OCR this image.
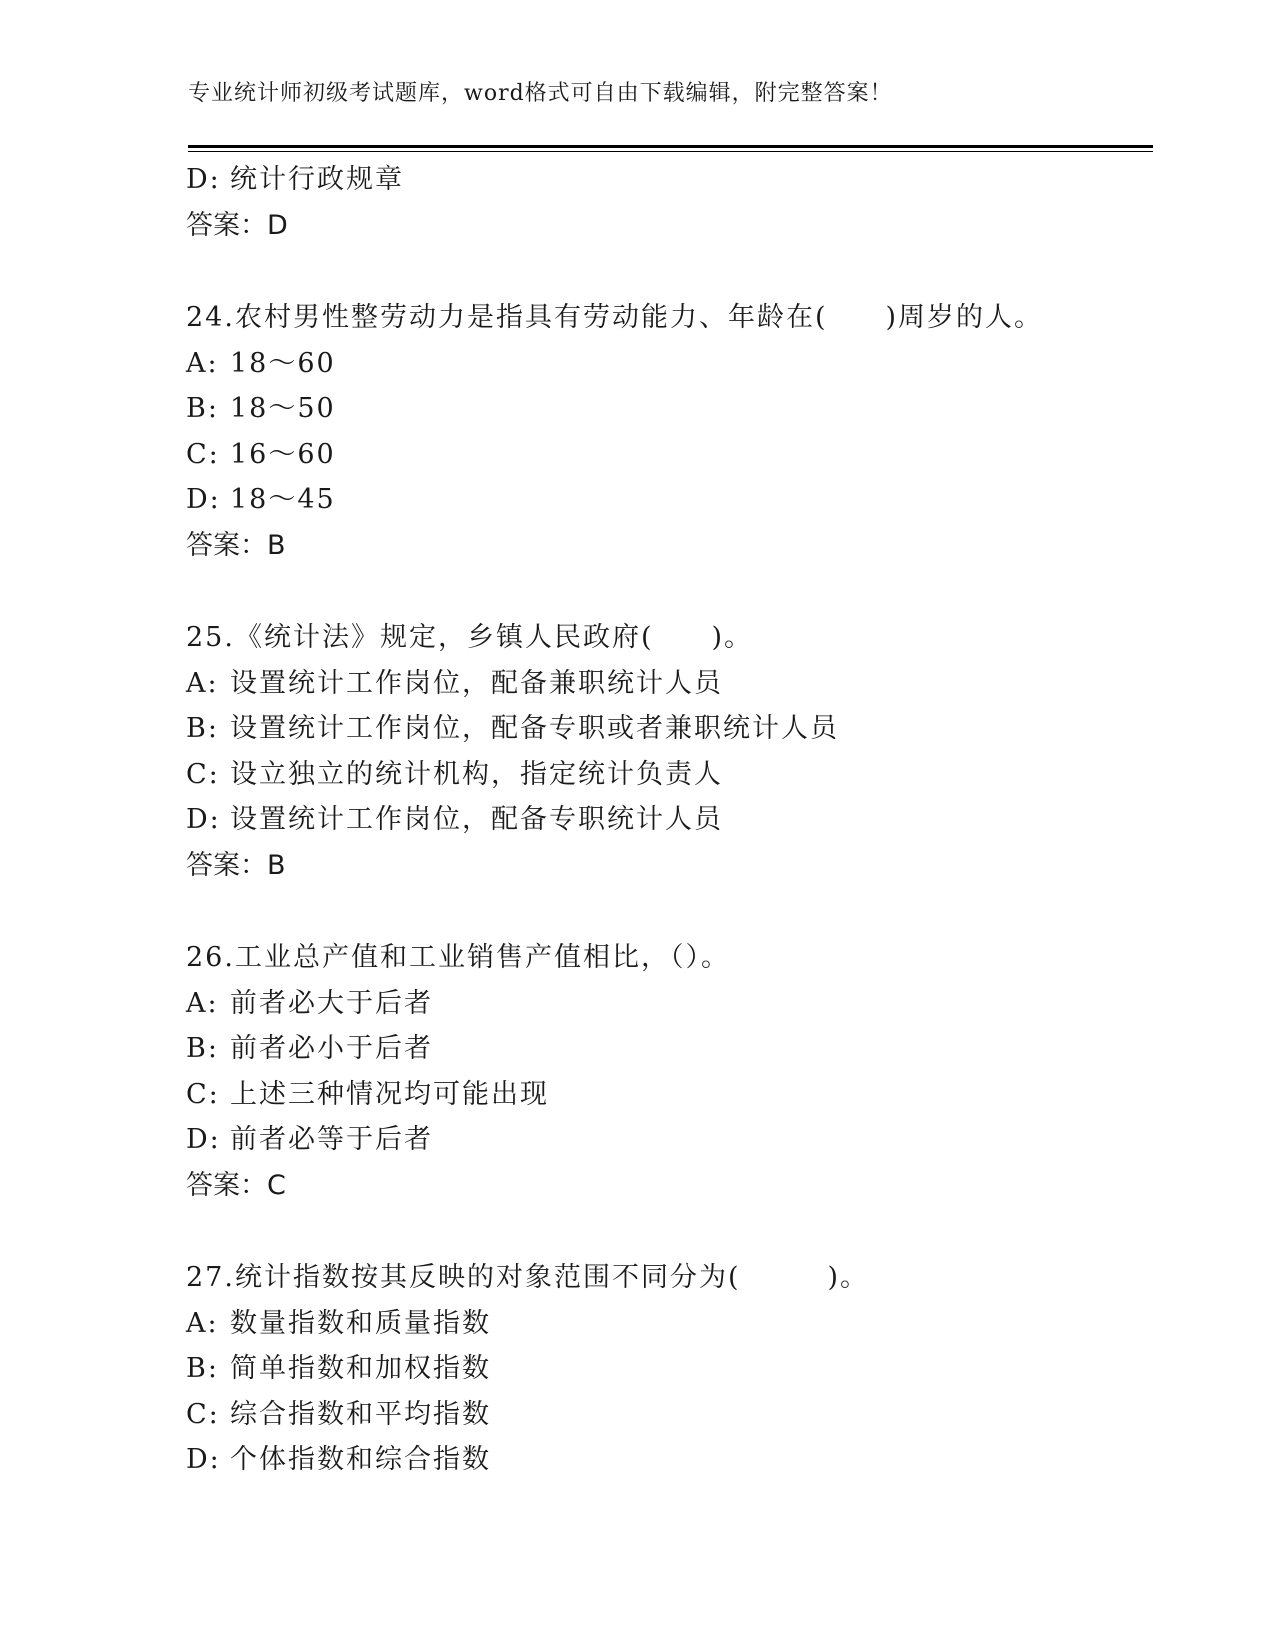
专业统计师初级考试题库，word格式可自由下载编辑，附完整答案！
D: 统计行政规章
答案：D
24.农村男性整劳动力是指具有劳动能力、年龄在(　　)周岁的人。
A: 18～60
B: 18～50
C: 16～60
D: 18～45
答案：B
25.《统计法》规定，乡镇人民政府(　　)。
A: 设置统计工作岗位，配备兼职统计人员
B: 设置统计工作岗位，配备专职或者兼职统计人员
C: 设立独立的统计机构，指定统计负责人
D: 设置统计工作岗位，配备专职统计人员
答案：B
26.工业总产值和工业销售产值相比，（）。
A: 前者必大于后者
B: 前者必小于后者
C: 上述三种情况均可能出现
D: 前者必等于后者
答案：C
27.统计指数按其反映的对象范围不同分为(　　　)。
A: 数量指数和质量指数
B: 简单指数和加权指数
C: 综合指数和平均指数
D: 个体指数和综合指数
